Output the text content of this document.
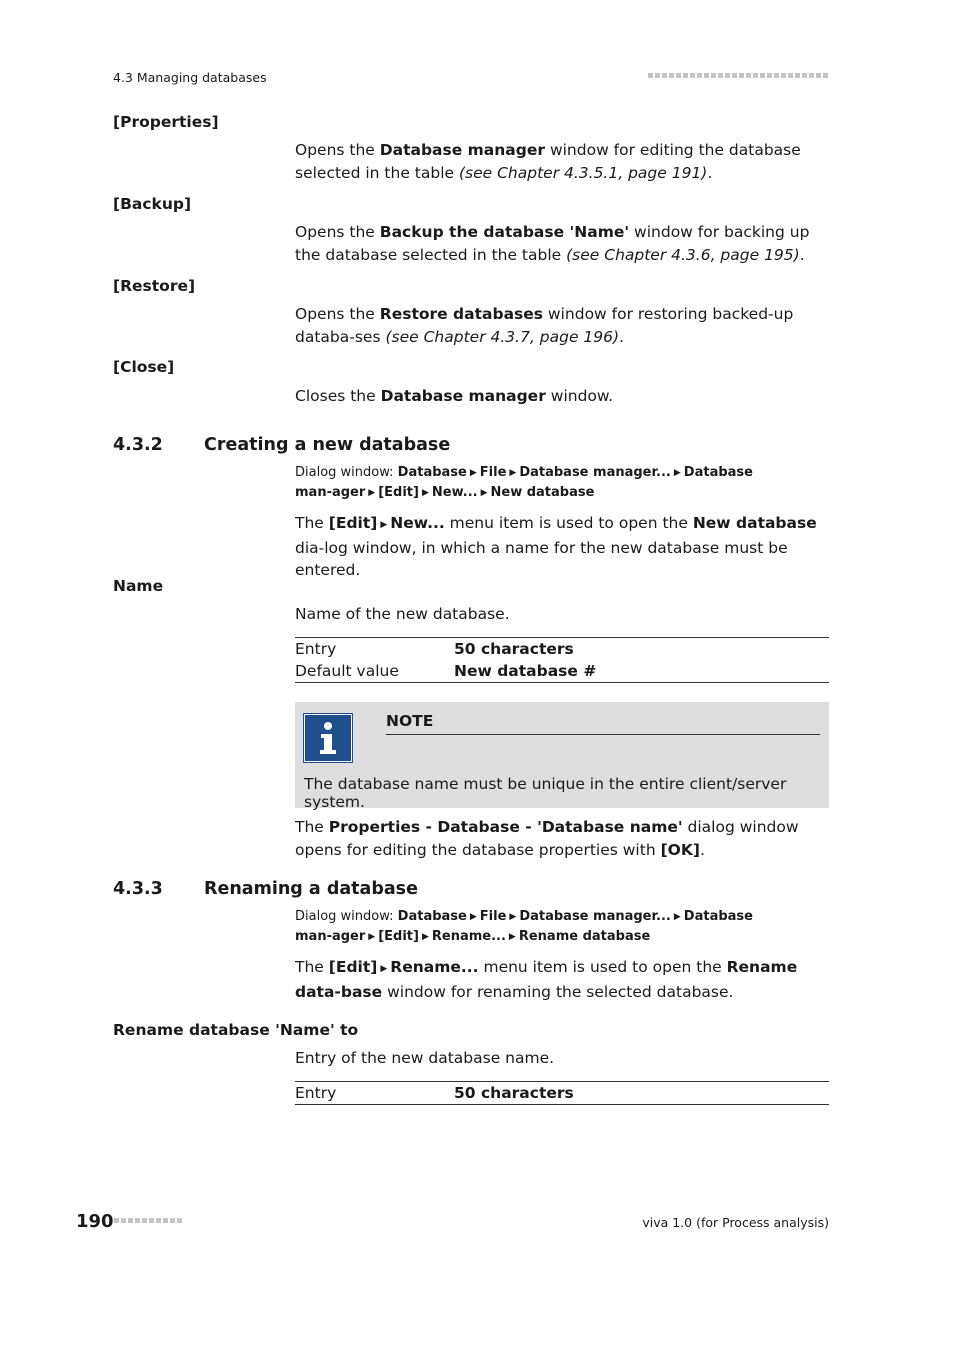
4.3 Managing databases
[Properties]
Opens the Database manager window for editing the database selected in the table (see Chapter 4.3.5.1, page 191).
[Backup]
Opens the Backup the database 'Name' window for backing up the database selected in the table (see Chapter 4.3.6, page 195).
[Restore]
Opens the Restore databases window for restoring backed-up databa-ses (see Chapter 4.3.7, page 196).
[Close]
Closes the Database manager window.
4.3.2 Creating a new database
Dialog window: Database ▶ File ▶ Database manager... ▶ Database man-ager ▶ [Edit] ▶ New... ▶ New database
The [Edit] ▶ New... menu item is used to open the New database dia-log window, in which a name for the new database must be entered.
Name
Name of the new database.
Entry	50 characters
Default value	New database #
NOTE
The database name must be unique in the entire client/server system.
The Properties - Database - 'Database name' dialog window opens for editing the database properties with [OK].
4.3.3 Renaming a database
Dialog window: Database ▶ File ▶ Database manager... ▶ Database man-ager ▶ [Edit] ▶ Rename... ▶ Rename database
The [Edit] ▶ Rename... menu item is used to open the Rename data-base window for renaming the selected database.
Rename database 'Name' to
Entry of the new database name.
Entry	50 characters
190	viva 1.0 (for Process analysis)
